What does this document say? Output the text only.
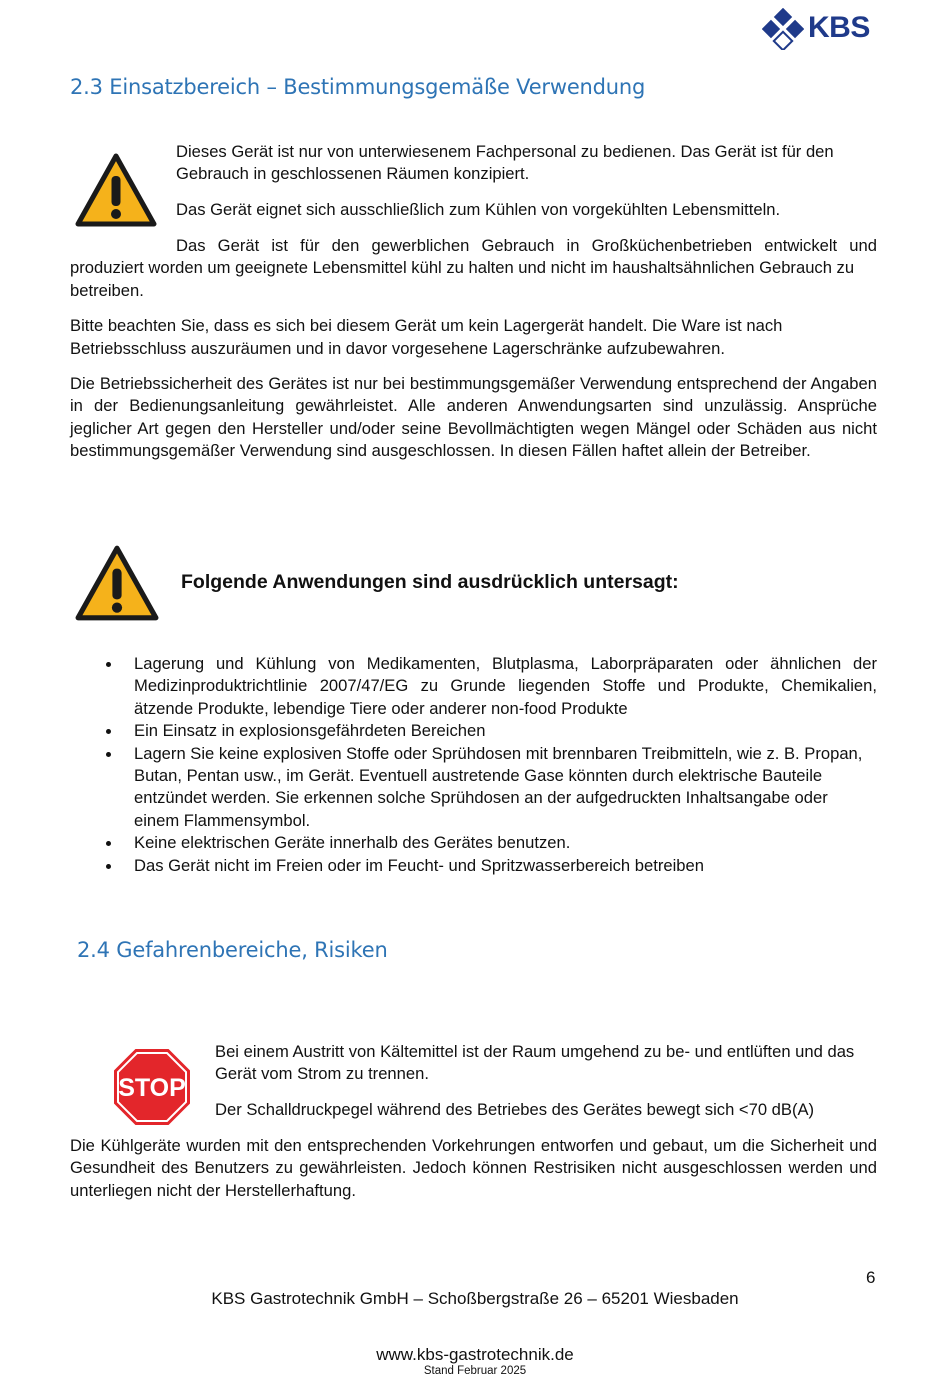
KBS
2.3 Einsatzbereich – Bestimmungsgemäße Verwendung

Dieses Gerät ist nur von unterwiesenem Fachpersonal zu bedienen. Das Gerät ist für den Gebrauch in geschlossenen Räumen konzipiert.

Das Gerät eignet sich ausschließlich zum Kühlen von vorgekühlten Lebensmitteln.

Das Gerät ist für den gewerblichen Gebrauch in Großküchenbetrieben entwickelt und

produziert worden um geeignete Lebensmittel kühl zu halten und nicht im haushaltsähnlichen Gebrauch zu betreiben.

Bitte beachten Sie, dass es sich bei diesem Gerät um kein Lagergerät handelt. Die Ware ist nach Betriebsschluss auszuräumen und in davor vorgesehene Lagerschränke aufzubewahren.

Die Betriebssicherheit des Gerätes ist nur bei bestimmungsgemäßer Verwendung entsprechend der Angaben in der Bedienungsanleitung gewährleistet. Alle anderen Anwendungsarten sind unzulässig. Ansprüche jeglicher Art gegen den Hersteller und/oder seine Bevollmächtigten wegen Mängel oder Schäden aus nicht bestimmungsgemäßer Verwendung sind ausgeschlossen. In diesen Fällen haftet allein der Betreiber.

Folgende Anwendungen sind ausdrücklich untersagt:
Lagerung und Kühlung von Medikamenten, Blutplasma, Laborpräparaten oder ähnlichen der Medizinproduktrichtlinie 2007/47/EG zu Grunde liegenden Stoffe und Produkte, Chemikalien, ätzende Produkte, lebendige Tiere oder anderer non-food Produkte
Ein Einsatz in explosionsgefährdeten Bereichen
Lagern Sie keine explosiven Stoffe oder Sprühdosen mit brennbaren Treibmitteln, wie z. B. Propan, Butan, Pentan usw., im Gerät. Eventuell austretende Gase könnten durch elektrische Bauteile entzündet werden. Sie erkennen solche Sprühdosen an der aufgedruckten Inhaltsangabe oder einem Flammensymbol.
Keine elektrischen Geräte innerhalb des Gerätes benutzen.
Das Gerät nicht im Freien oder im Feucht- und Spritzwasserbereich betreiben
2.4 Gefahrenbereiche, Risiken
STOP

Bei einem Austritt von Kältemittel ist der Raum umgehend zu be- und entlüften und das Gerät vom Strom zu trennen.

Der Schalldruckpegel während des Betriebes des Gerätes bewegt sich <70 dB(A)

Die Kühlgeräte wurden mit den entsprechenden Vorkehrungen entworfen und gebaut, um die Sicherheit und Gesundheit des Benutzers zu gewährleisten. Jedoch können Restrisiken nicht ausgeschlossen werden und unterliegen nicht der Herstellerhaftung.

6
KBS Gastrotechnik GmbH – Schoßbergstraße 26 – 65201 Wiesbaden
www.kbs-gastrotechnik.de
Stand Februar 2025
